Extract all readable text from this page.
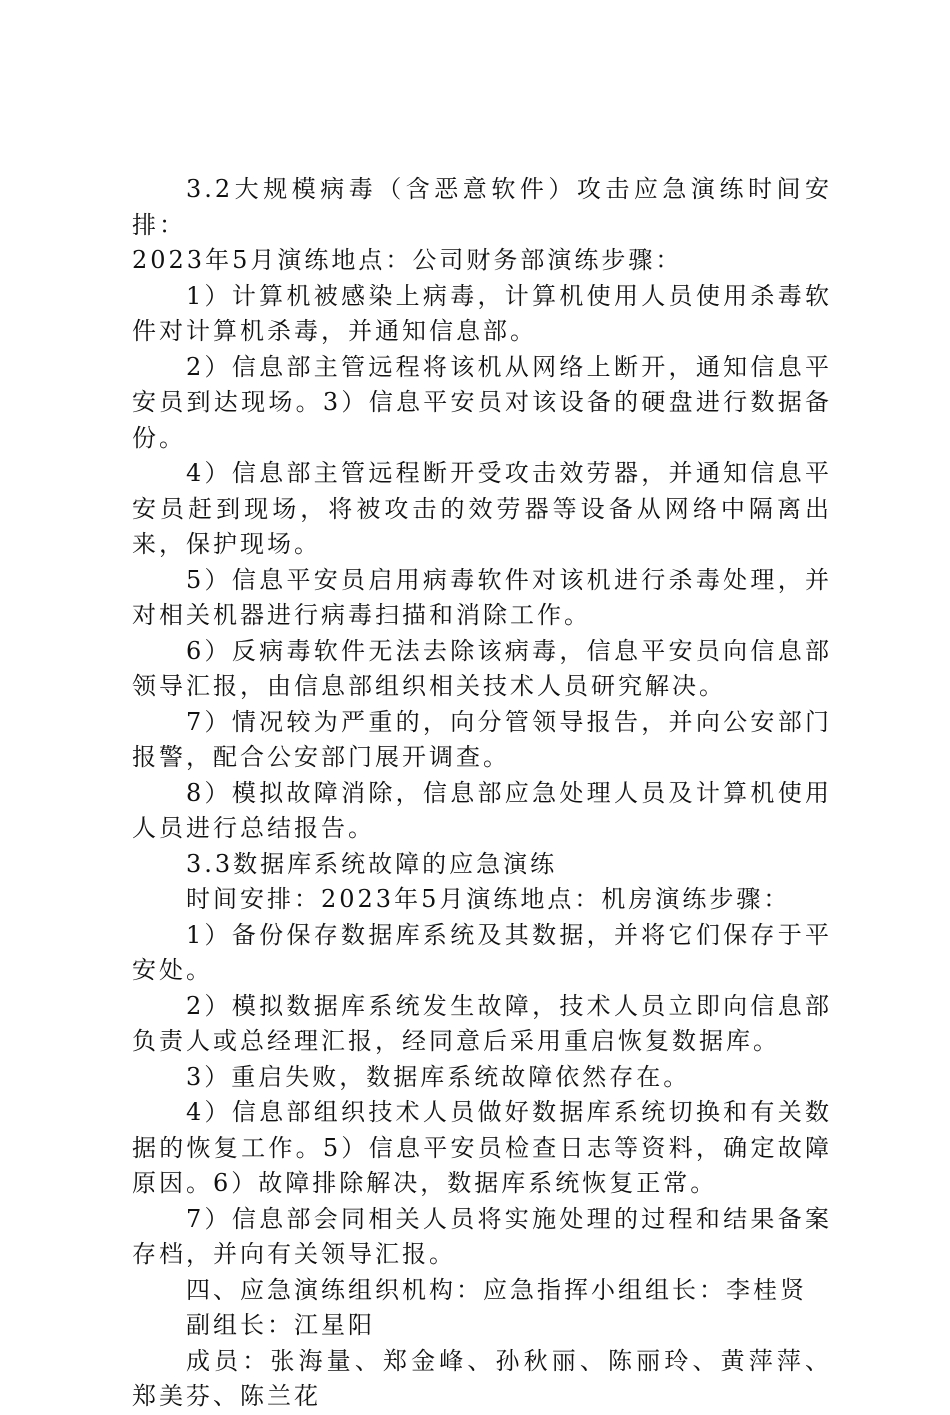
3.2大规模病毒（含恶意软件）攻击应急演练时间安排：

2023年5月演练地点：公司财务部演练步骤：

1）计算机被感染上病毒，计算机使用人员使用杀毒软件对计算机杀毒，并通知信息部。

2）信息部主管远程将该机从网络上断开，通知信息平安员到达现场。3）信息平安员对该设备的硬盘进行数据备份。

4）信息部主管远程断开受攻击效劳器，并通知信息平安员赶到现场，将被攻击的效劳器等设备从网络中隔离出来，保护现场。

5）信息平安员启用病毒软件对该机进行杀毒处理，并对相关机器进行病毒扫描和消除工作。

6）反病毒软件无法去除该病毒，信息平安员向信息部领导汇报，由信息部组织相关技术人员研究解决。

7）情况较为严重的，向分管领导报告，并向公安部门报警，配合公安部门展开调查。

8）模拟故障消除，信息部应急处理人员及计算机使用人员进行总结报告。

3.3数据库系统故障的应急演练

时间安排：2023年5月演练地点：机房演练步骤：

1）备份保存数据库系统及其数据，并将它们保存于平安处。

2）模拟数据库系统发生故障，技术人员立即向信息部负责人或总经理汇报，经同意后采用重启恢复数据库。

3）重启失败，数据库系统故障依然存在。

4）信息部组织技术人员做好数据库系统切换和有关数据的恢复工作。5）信息平安员检查日志等资料，确定故障原因。6）故障排除解决，数据库系统恢复正常。

7）信息部会同相关人员将实施处理的过程和结果备案存档，并向有关领导汇报。

四、应急演练组织机构：应急指挥小组组长：李桂贤

副组长：江星阳

成员：张海量、郑金峰、孙秋丽、陈丽玲、黄萍萍、郑美芬、陈兰花
